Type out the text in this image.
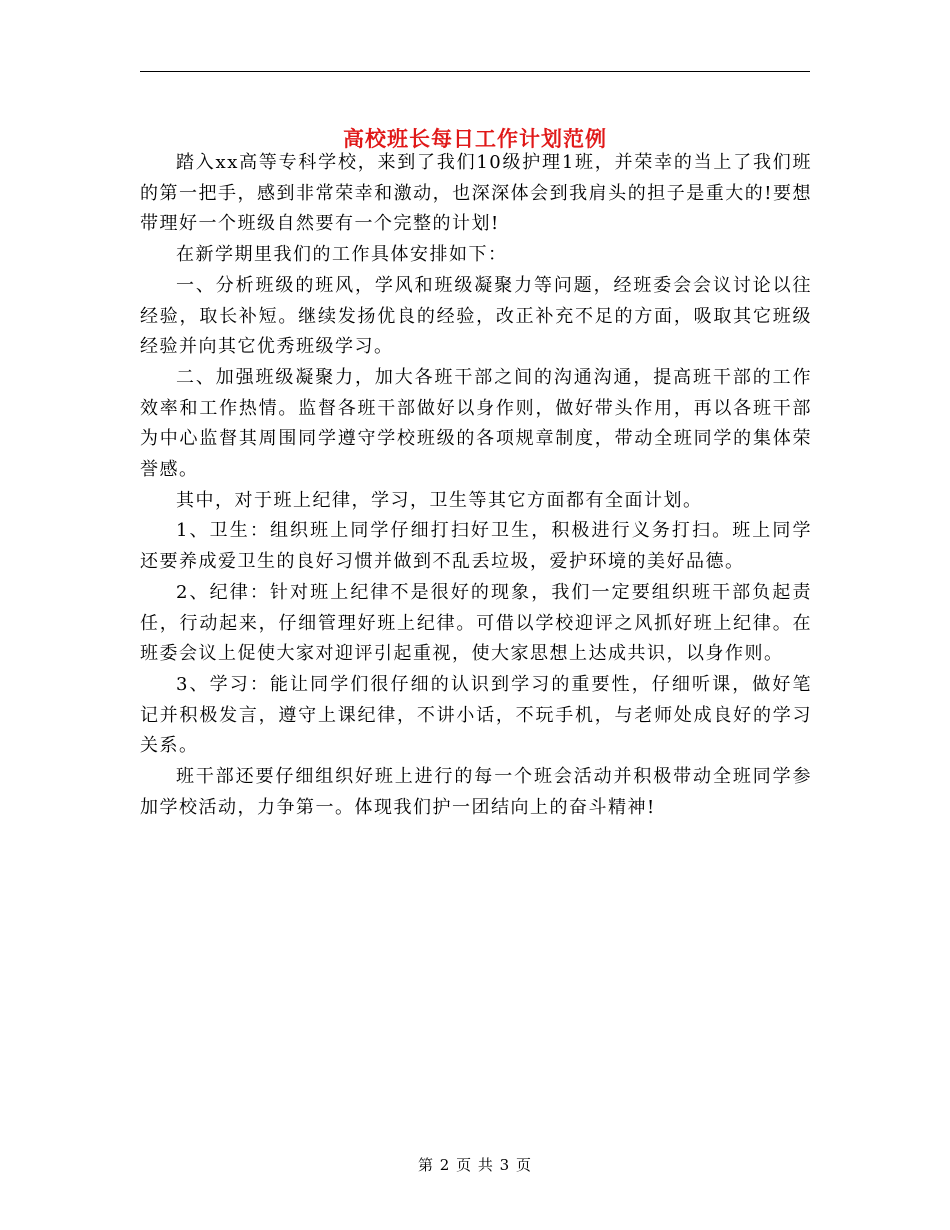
高校班长每日工作计划范例

踏入xx高等专科学校，来到了我们10级护理1班，并荣幸的当上了我们班的第一把手，感到非常荣幸和激动，也深深体会到我肩头的担子是重大的!要想带理好一个班级自然要有一个完整的计划!

在新学期里我们的工作具体安排如下：

一、分析班级的班风，学风和班级凝聚力等问题，经班委会会议讨论以往经验，取长补短。继续发扬优良的经验，改正补充不足的方面，吸取其它班级经验并向其它优秀班级学习。

二、加强班级凝聚力，加大各班干部之间的沟通沟通，提高班干部的工作效率和工作热情。监督各班干部做好以身作则，做好带头作用，再以各班干部为中心监督其周围同学遵守学校班级的各项规章制度，带动全班同学的集体荣誉感。

其中，对于班上纪律，学习，卫生等其它方面都有全面计划。

1、卫生：组织班上同学仔细打扫好卫生，积极进行义务打扫。班上同学还要养成爱卫生的良好习惯并做到不乱丢垃圾，爱护环境的美好品德。

2、纪律：针对班上纪律不是很好的现象，我们一定要组织班干部负起责任，行动起来，仔细管理好班上纪律。可借以学校迎评之风抓好班上纪律。在班委会议上促使大家对迎评引起重视，使大家思想上达成共识，以身作则。

3、学习：能让同学们很仔细的认识到学习的重要性，仔细听课，做好笔记并积极发言，遵守上课纪律，不讲小话，不玩手机，与老师处成良好的学习关系。

班干部还要仔细组织好班上进行的每一个班会活动并积极带动全班同学参加学校活动，力争第一。体现我们护一团结向上的奋斗精神!

第 2 页 共 3 页
